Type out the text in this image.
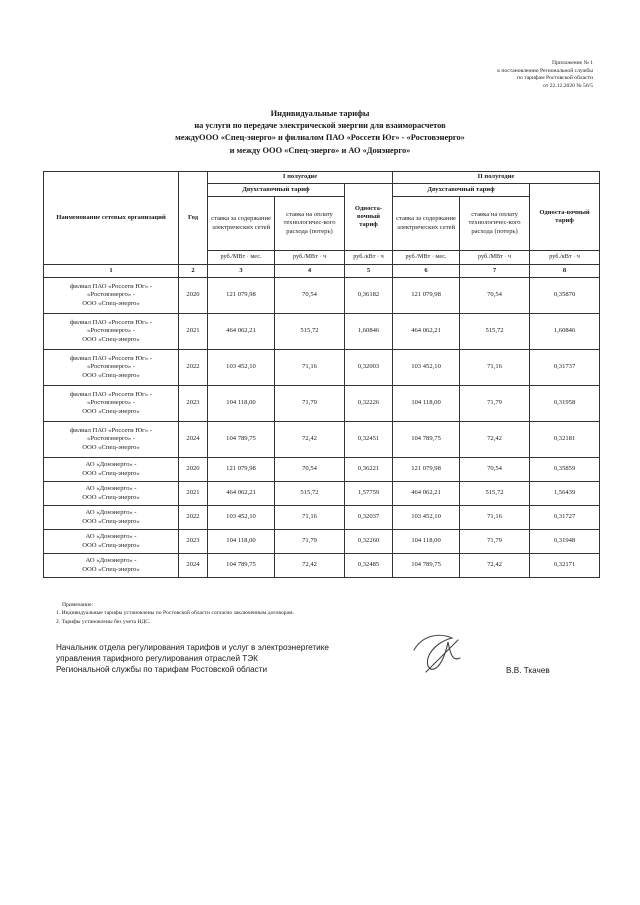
Приложение № 1
к постановлению Региональной службы
по тарифам Ростовской области
от 22.12.2020 № 56/5
Индивидуальные тарифы
на услуги по передаче электрической энергии для взаиморасчетов
междуООО «Спец-энерго» и филиалом ПАО «Россети Юг» - «Ростовэнерго»
и между ООО «Спец-энерго» и АО «Донэнерго»
Наименование сетевых организаций	Год	I полугодие			II полугодие		
		Двухставочный тариф		Односта-вочный тариф	Двухставочный тариф		Односта-вочный тариф
		ставка за содержание электрических сетей	ставка на оплату технологичес-кого расхода (потерь)		ставка за содержание электрических сетей	ставка на оплату технологичес-кого расхода (потерь)	
		руб./МВт · мес.	руб./МВт · ч	руб./кВт · ч	руб./МВт · мес.	руб./МВт · ч	руб./кВт · ч
1	2	3	4	5	6	7	8

филиал ПАО «Россети Юг» -
«Ростовэнерго» -
ООО «Спец-энерго»	2020	121 079,98	70,54	0,36182	121 079,98	70,54	0,35870

филиал ПАО «Россети Юг» -
«Ростовэнерго» -
ООО «Спец-энерго»	2021	464 062,21	515,72	1,60846	464 062,21	515,72	1,60846

филиал ПАО «Россети Юг» -
«Ростовэнерго» -
ООО «Спец-энерго»	2022	103 452,10	71,16	0,32003	103 452,10	71,16	0,31737

филиал ПАО «Россети Юг» -
«Ростовэнерго» -
ООО «Спец-энерго»	2023	104 118,00	71,79	0,32226	104 118,00	71,79	0,31958

филиал ПАО «Россети Юг» -
«Ростовэнерго» -
ООО «Спец-энерго»	2024	104 789,75	72,42	0,32451	104 789,75	72,42	0,32181

АО «Донэнерго» -
ООО «Спец-энерго»	2020	121 079,98	70,54	0,36221	121 079,98	70,54	0,35859

АО «Донэнерго» -
ООО «Спец-энерго»	2021	464 062,21	515,72	1,57759	464 062,21	515,72	1,56439

АО «Донэнерго» -
ООО «Спец-энерго»	2022	103 452,10	71,16	0,32037	103 452,10	71,16	0,31727

АО «Донэнерго» -
ООО «Спец-энерго»	2023	104 118,00	71,79	0,32260	104 118,00	71,79	0,31948

АО «Донэнерго» -
ООО «Спец-энерго»	2024	104 789,75	72,42	0,32485	104 789,75	72,42	0,32171
Примечание:
1. Индивидуальные тарифы установлены по Ростовской области согласно заключенным договорам.
2. Тарифы установлены без учета НДС.
Начальник отдела регулирования тарифов и услуг в электроэнергетике
управления тарифного регулирования отраслей ТЭК
Региональной службы по тарифам Ростовской области	В.В. Ткачев
